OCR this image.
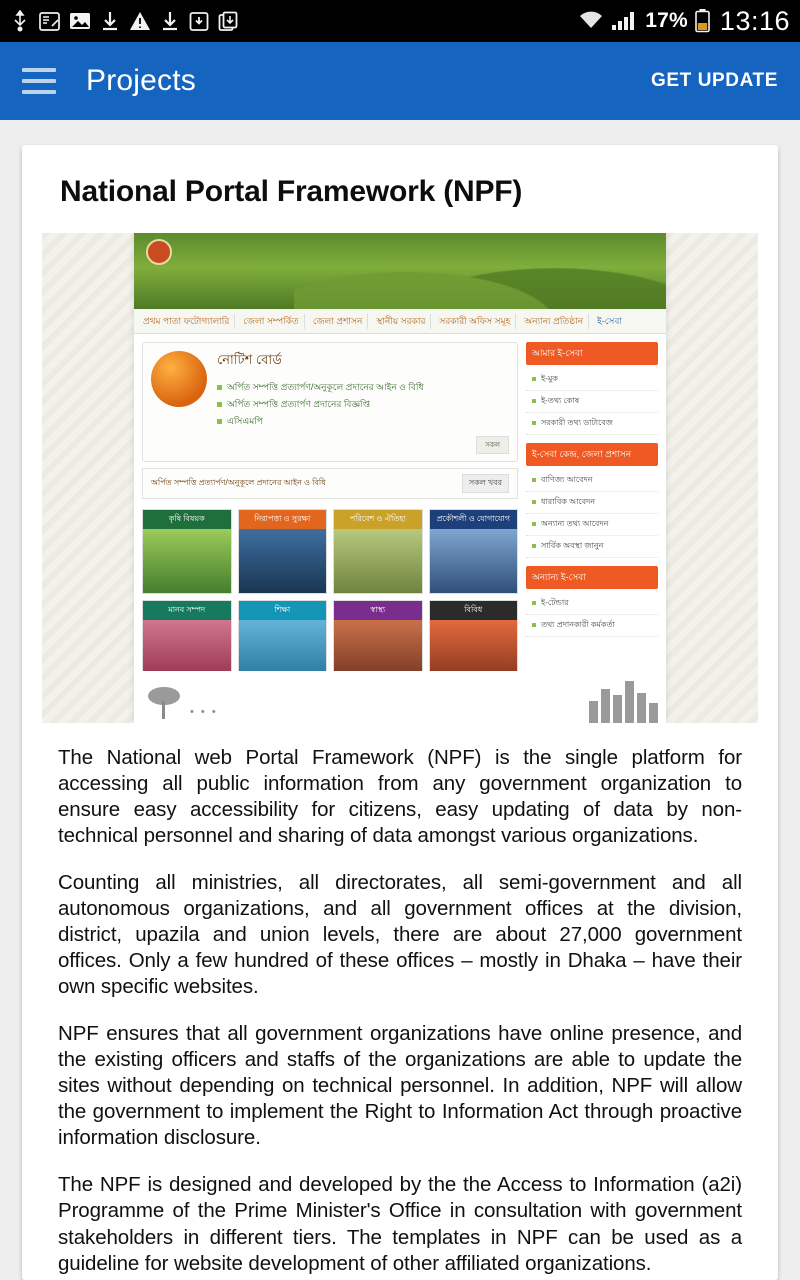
17% 13:16
Projects	GET UPDATE
National Portal Framework (NPF)

প্রথম পাতা ফটোগ্যালারি	জেলা সম্পর্কিত	জেলা প্রশাসন	স্থানীয় সরকার	সরকারী অফিস সমূহ	অন্যান্য প্রতিষ্ঠান	ই-সেবা
নোটিশ বোর্ড
অর্পিত সম্পত্তি প্রত্যার্পণ/অনুকূলে প্রদানের আইন ও বিধি
অর্পিত সম্পত্তি প্রত্যার্পণ প্রদানের বিজ্ঞপ্তি
এসিএমপি
সকল
অর্পিত সম্পত্তি প্রত্যার্পণ/অনুকূলে প্রদানের আইন ও বিধি	সকল খবর
কৃষি বিষয়ক	নিরাপত্তা ও সুরক্ষা	পরিবেশ ও ঐতিহ্য	প্রকৌশলী ও যোগাযোগ
মানব সম্পদ	শিক্ষা	স্বাস্থ্য	বিবিধ
আমার ই-সেবা
ই-মুক
ই-তথ্য কোষ
সরকারী তথ্য ডাটাবেজ
ই-সেবা কেন্দ্র, জেলা প্রশাসন
বাণিজ্য আবেদন
ধারাবিক আবেদন
অন্যান্য তথ্য আবেদন
সার্বিক অবস্থা জানুন
অন্যান্য ই-সেবা
ই-টেন্ডার
তথ্য প্রদানকারী কর্মকর্তা
• • •

The National web Portal Framework (NPF) is the single platform for accessing all public information from any government organization to ensure easy accessibility for citizens, easy updating of data by non-technical personnel and sharing of data amongst various organizations.

Counting all ministries, all directorates, all semi-government and all autonomous organizations, and all government offices at the division, district, upazila and union levels, there are about 27,000 government offices. Only a few hundred of these offices – mostly in Dhaka – have their own specific websites.

NPF ensures that all government organizations have online presence, and the existing officers and staffs of the organizations are able to update the sites without depending on technical personnel. In addition, NPF will allow the government to implement the Right to Information Act through proactive information disclosure.

The NPF is designed and developed by the the Access to Information (a2i) Programme of the Prime Minister's Office in consultation with government stakeholders in different tiers. The templates in NPF can be used as a guideline for website development of other affiliated organizations.
